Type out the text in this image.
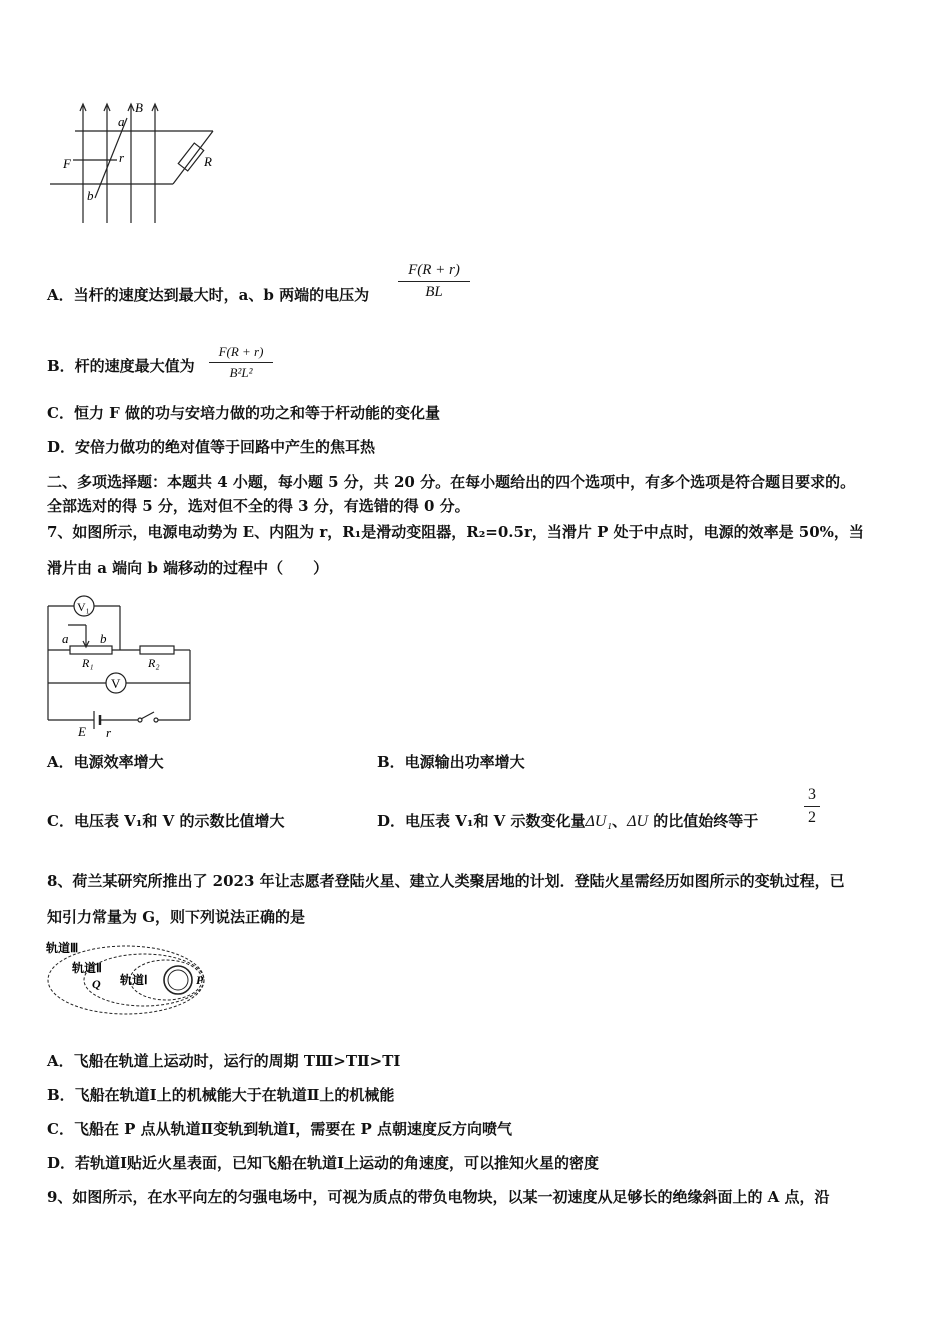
B
a
F	r
b
R
A．当杆的速度达到最大时，a、b 两端的电压为
F(R + r)
BL
B．杆的速度最大值为
F(R + r)
B²L²
C．恒力 F 做的功与安培力做的功之和等于杆动能的变化量
D．安倍力做功的绝对值等于回路中产生的焦耳热
二、多项选择题：本题共 4 小题，每小题 5 分，共 20 分。在每小题给出的四个选项中，有多个选项是符合题目要求的。
全部选对的得 5 分，选对但不全的得 3 分，有选错的得 0 分。
7、如图所示，电源电动势为 E、内阻为 r，R₁是滑动变阻器，R₂=0.5r，当滑片 P 处于中点时，电源的效率是 50%，当
滑片由 a 端向 b 端移动的过程中（　　）
V₁
a b
R₁	R₂
V
E r
A．电源效率增大	B．电源输出功率增大
C．电压表 V₁和 V 的示数比值增大	D．电压表 V₁和 V 示数变化量ΔU₁、ΔU 的比值始终等于
3
2
8、荷兰某研究所推出了 2023 年让志愿者登陆火星、建立人类聚居地的计划．登陆火星需经历如图所示的变轨过程，已
知引力常量为 G，则下列说法正确的是
轨道Ⅲ
轨道Ⅱ
轨道Ⅰ
Q	P
A．飞船在轨道上运动时，运行的周期 TⅢ>TⅡ>TⅠ
B．飞船在轨道Ⅰ上的机械能大于在轨道Ⅱ上的机械能
C．飞船在 P 点从轨道Ⅱ变轨到轨道Ⅰ，需要在 P 点朝速度反方向喷气
D．若轨道Ⅰ贴近火星表面，已知飞船在轨道Ⅰ上运动的角速度，可以推知火星的密度
9、如图所示，在水平向左的匀强电场中，可视为质点的带负电物块，以某一初速度从足够长的绝缘斜面上的 A 点，沿
